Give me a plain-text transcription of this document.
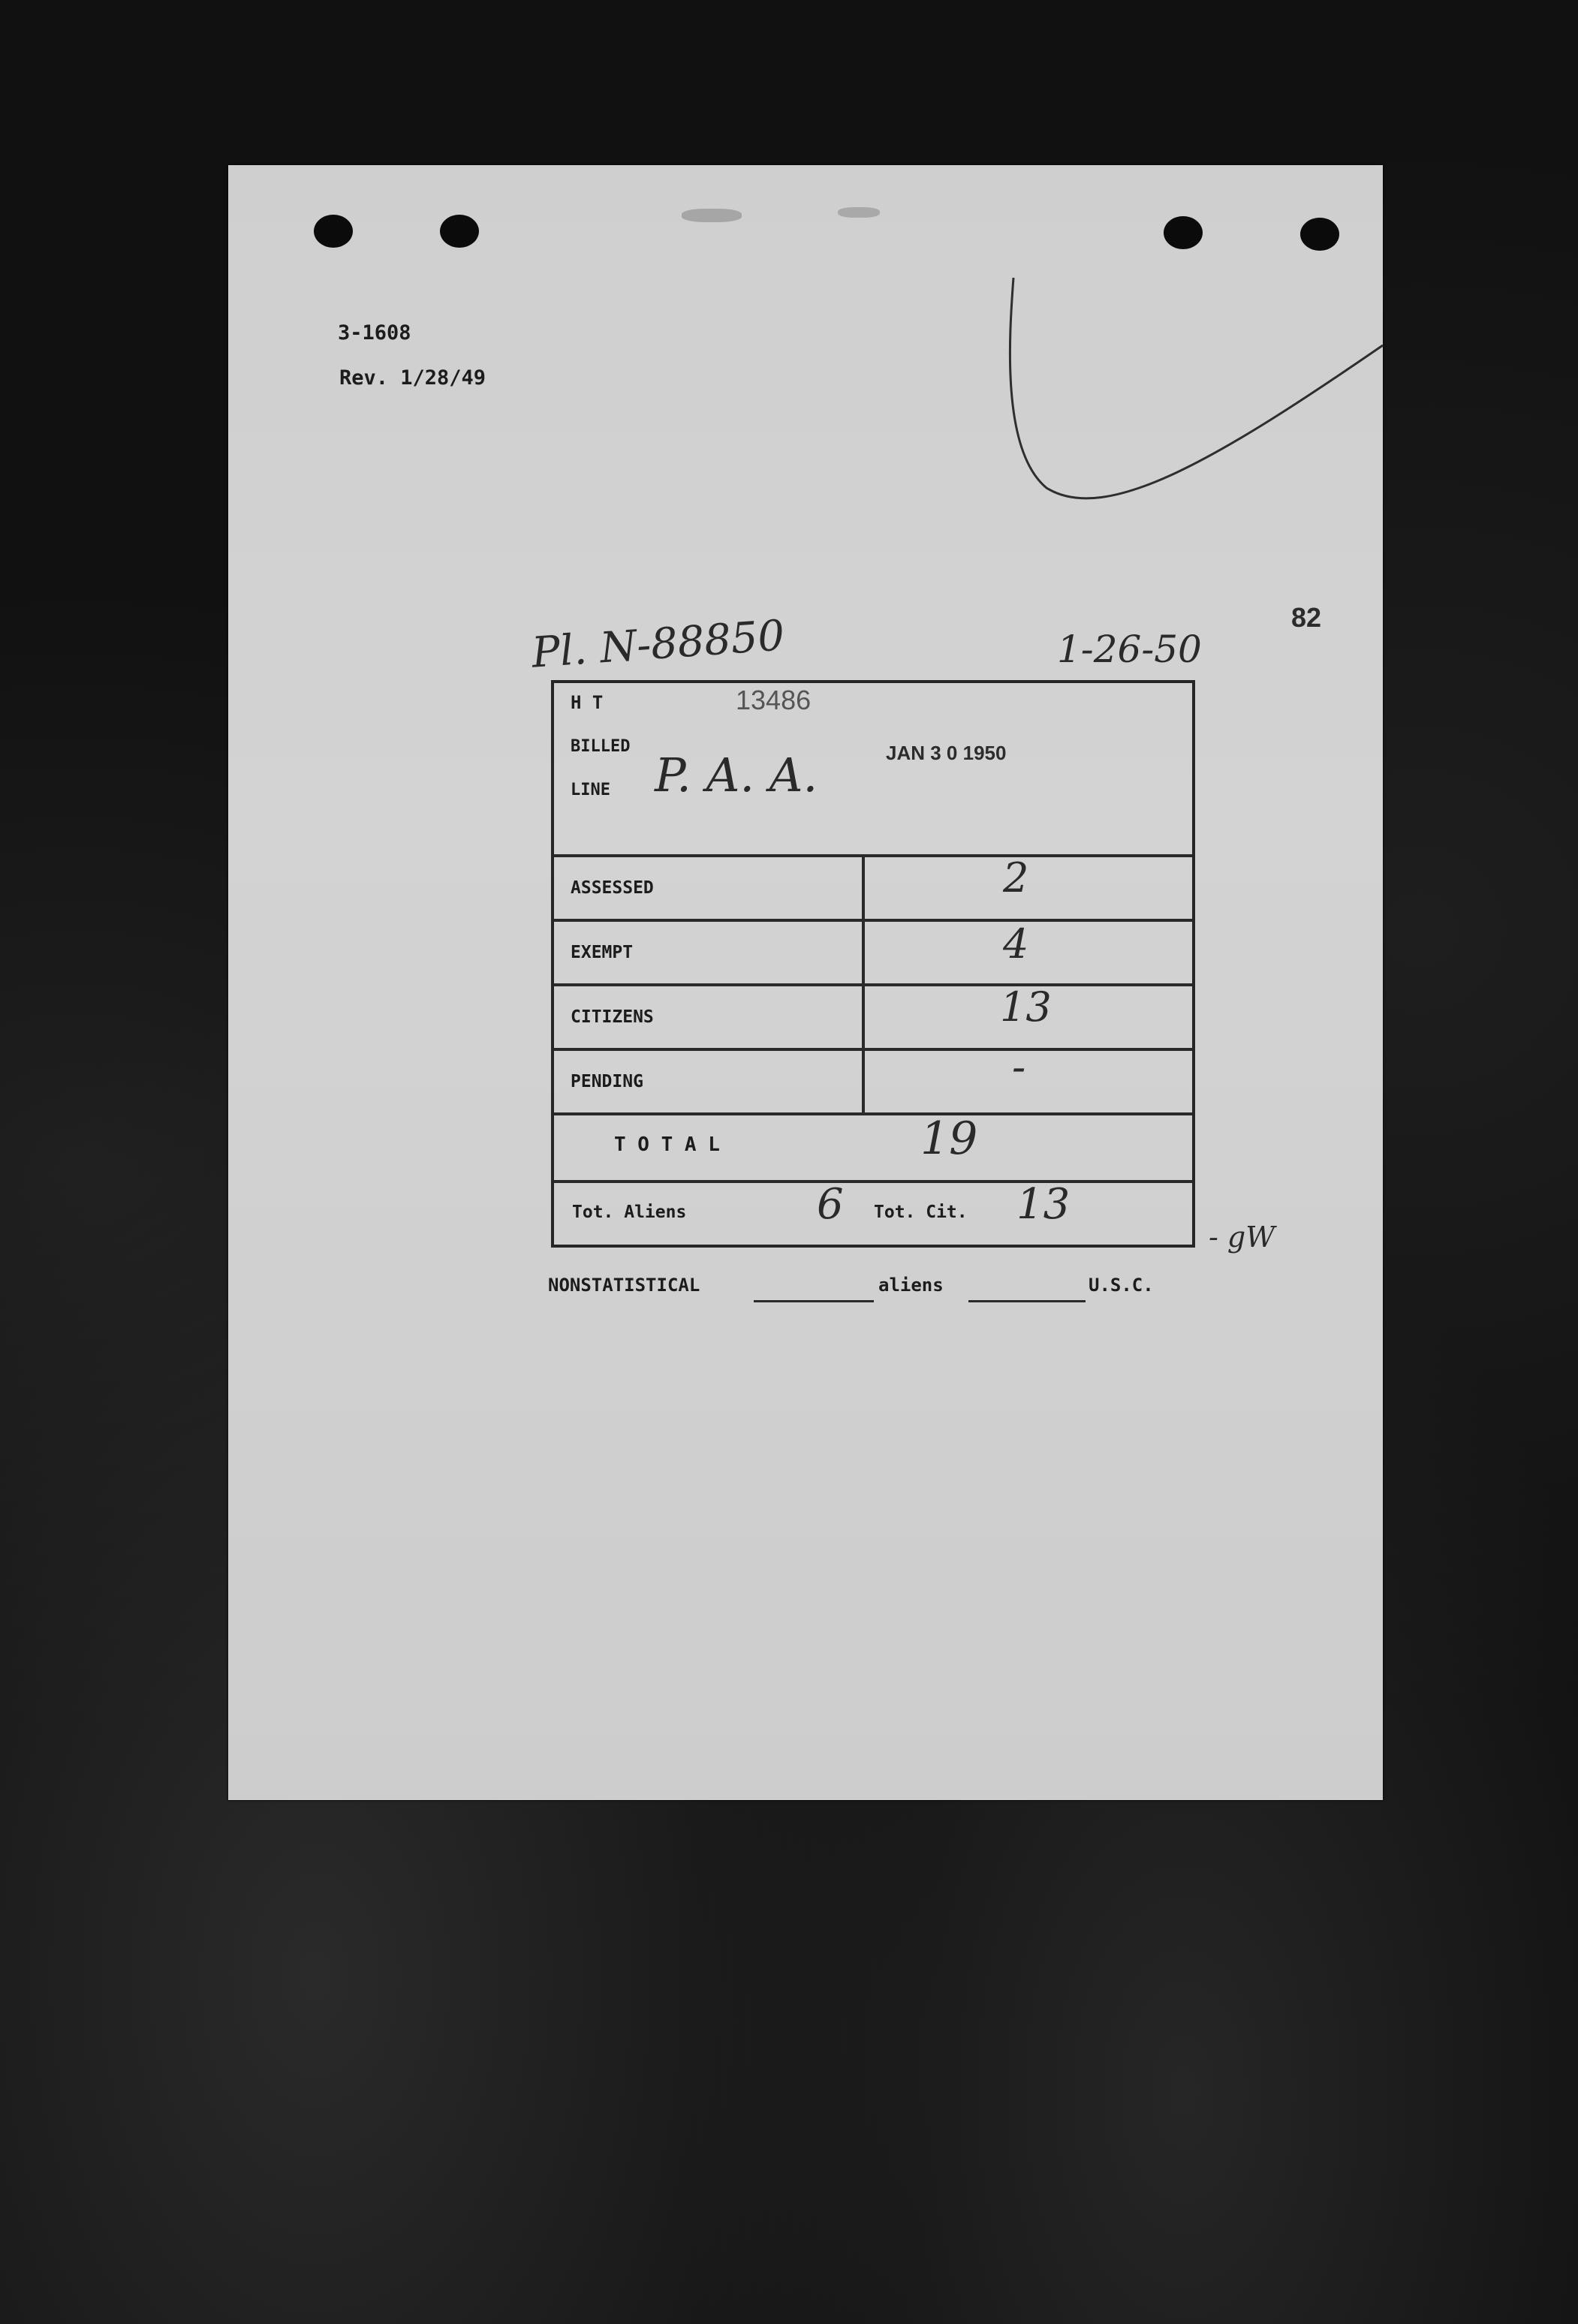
3-1608
Rev. 1/28/49
82
Pl. N-88850	1-26-50
H T	13486
BILLED
LINE P. A. A.	JAN 3 0 1950
ASSESSED	2
EXEMPT	4
CITIZENS	13
PENDING	-
T O T A L	19
Tot. Aliens	6 Tot. Cit. 13
- gW
NONSTATISTICAL	aliens	U.S.C.
